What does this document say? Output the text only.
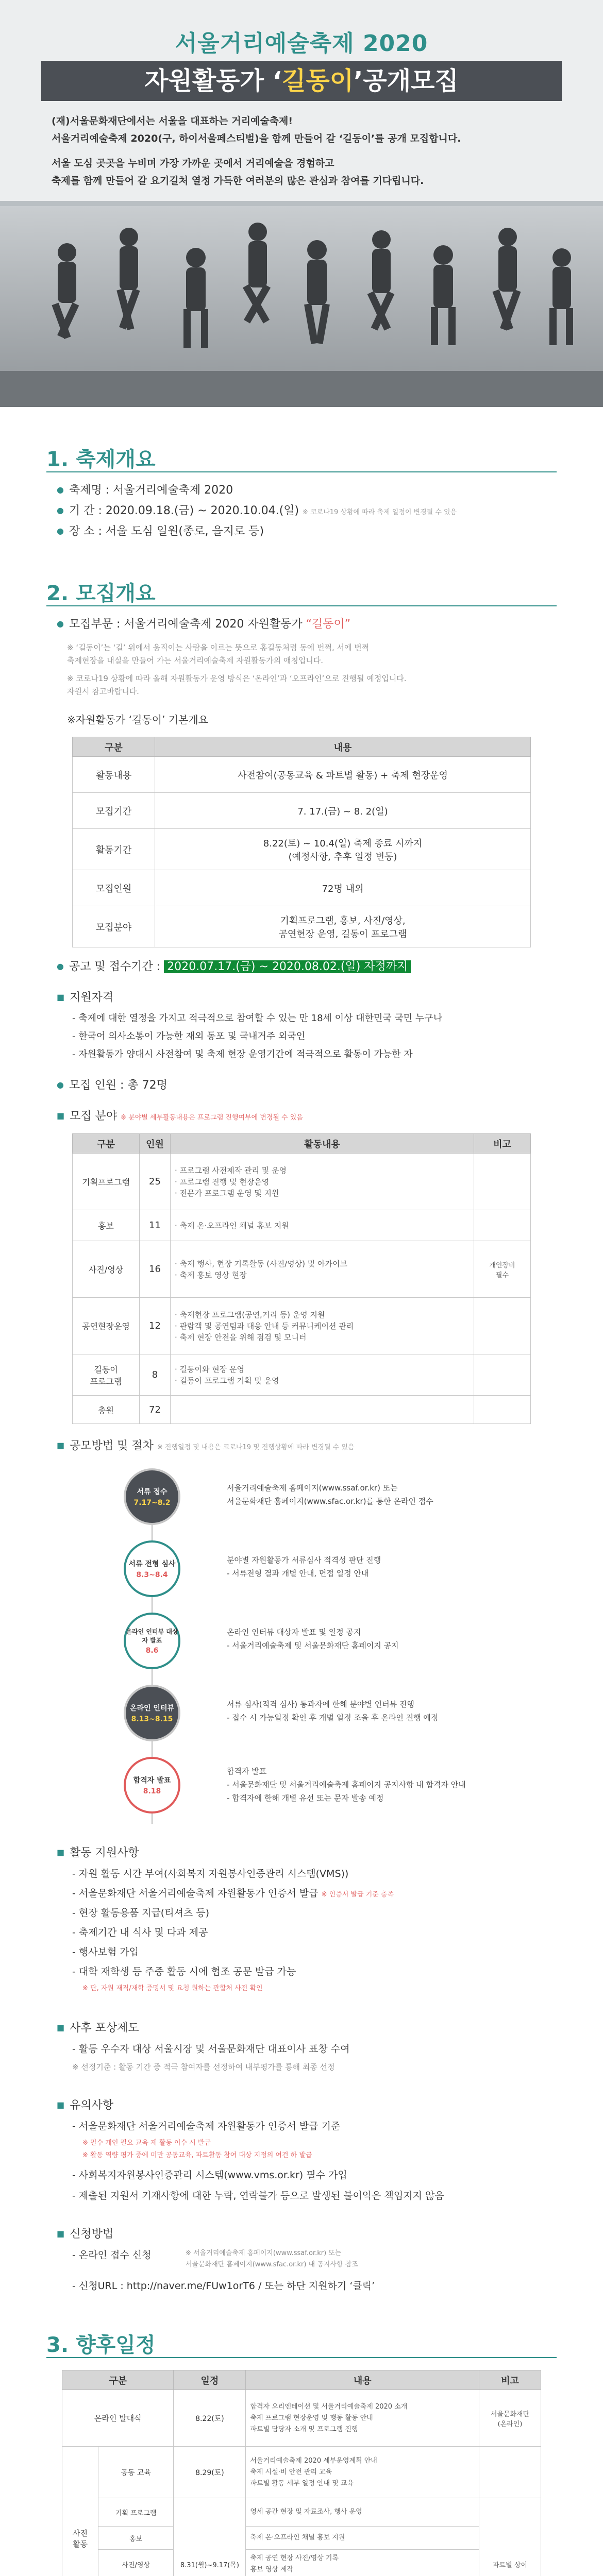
서울거리예술축제 2020
자원활동가 ‘길동이’공개모집
(재)서울문화재단에서는 서울을 대표하는 거리예술축제!
서울거리예술축제 2020(구, 하이서울페스티벌)을 함께 만들어 갈 ‘길동이’를 공개 모집합니다.
서울 도심 곳곳을 누비며 가장 가까운 곳에서 거리예술을 경험하고
축제를 함께 만들어 갈 요기길처 열정 가득한 여러분의 많은 관심과 참여를 기다립니다.
1. 축제개요
● 축제명 : 서울거리예술축제 2020
● 기 간 : 2020.09.18.(금) ~ 2020.10.04.(일) ※ 코로나19 상황에 따라 축제 일정이 변경될 수 있음
● 장 소 : 서울 도심 일원(종로, 을지로 등)
2. 모집개요
● 모집부문 : 서울거리예술축제 2020 자원활동가 “길동이”
※ ‘길동이’는 ‘길’ 위에서 움직이는 사람을 이르는 뜻으로 홍길동처럼 동에 번쩍, 서에 번쩍
축제현장을 내실을 만들어 가는 서울거리예술축제 자원활동가의 애칭입니다.
※ 코로나19 상황에 따라 올해 자원활동가 운영 방식은 ‘온라인’과 ‘오프라인’으로 진행될 예정입니다.
자원시 참고바랍니다.
※자원활동가 ‘길동이’ 기본개요
구분	내용
활동내용	사전참여(공동교육 & 파트별 활동) + 축제 현장운영
모집기간	7. 17.(금) ~ 8. 2(일)
활동기간	8.22(토) ~ 10.4(일) 축제 종료 시까지
(예정사항, 추후 일정 변동)
모집인원	72명 내외
모집분야	기획프로그램, 홍보, 사진/영상,
공연현장 운영, 길동이 프로그램
● 공고 및 접수기간 : 2020.07.17.(금) ~ 2020.08.02.(일) 자정까지
■ 지원자격
- 축제에 대한 열정을 가지고 적극적으로 참여할 수 있는 만 18세 이상 대한민국 국민 누구나
- 한국어 의사소통이 가능한 재외 동포 및 국내거주 외국인
- 자원활동가 양대시 사전참여 및 축제 현장 운영기간에 적극적으로 활동이 가능한 자
● 모집 인원 : 총 72명
■ 모집 분야 ※ 분야별 세부활동내용은 프로그램 진행여부에 변경될 수 있음
구분	인원	활동내용	비고
기획프로그램	25	· 프로그램 사전제작 관리 및 운영
· 프로그램 진행 및 현장운영
· 전문가 프로그램 운영 및 지원	
홍보	11	· 축제 온·오프라인 채널 홍보 지원	
사진/영상	16	· 축제 행사, 현장 기록활동 (사진/영상) 및 아카이브
· 축제 홍보 영상 현장	개인장비
필수
공연현장운영	12	· 축제현장 프로그램(공연,거리 등) 운영 지원
· 관람객 및 공연팀과 대응 안내 등 커뮤니케이션 관리
· 축제 현장 안전을 위해 점검 및 모니터	
길동이
프로그램	8	· 길동이와 현장 운영
· 길동이 프로그램 기획 및 운영	
총원	72		
■ 공모방법 및 절차 ※ 진행일정 및 내용은 코로나19 및 진행상황에 따라 변경될 수 있음
서류 접수
7.17~8.2
서울거리예술축제 홈페이지(www.ssaf.or.kr) 또는
서울문화재단 홈페이지(www.sfac.or.kr)를 통한 온라인 접수
서류 전형 심사
8.3~8.4
분야별 자원활동가 서류심사 적격성 판단 진행
- 서류전형 결과 개별 안내, 면접 일정 안내
온라인 인터뷰 대상자 발표
8.6
온라인 인터뷰 대상자 발표 및 일정 공지
- 서울거리예술축제 및 서울문화재단 홈페이지 공지
온라인 인터뷰
8.13~8.15
서류 심사(적격 심사) 통과자에 한해 분야별 인터뷰 진행
- 접수 시 가능일정 확인 후 개별 일정 조율 후 온라인 진행 예정
합격자 발표
8.18
합격자 발표
- 서울문화재단 및 서울거리예술축제 홈페이지 공지사항 내 합격자 안내
- 합격자에 한해 개별 유선 또는 문자 발송 예정
■ 활동 지원사항
- 자원 활동 시간 부여(사회복지 자원봉사인증관리 시스템(VMS))
- 서울문화재단 서울거리예술축제 자원활동가 인증서 발급 ※ 인증서 발급 기준 충족
- 현장 활동용품 지급(티셔츠 등)
- 축제기간 내 식사 및 다과 제공
- 행사보험 가입
- 대학 재학생 등 주중 활동 시에 협조 공문 발급 가능
※ 단, 자원 재직/재학 증명서 및 요청 원하는 관할처 사전 확인
■ 사후 포상제도
- 활동 우수자 대상 서울시장 및 서울문화재단 대표이사 표창 수여
※ 선정기준 : 활동 기간 중 적극 참여자를 선정하여 내부평가를 통해 최종 선정
■ 유의사항
- 서울문화재단 서울거리예술축제 자원활동가 인증서 발급 기준
※ 필수 개인 필요 교육 제 활동 이수 시 발급
※ 활동 역량 평가 중에 미만 공동교육, 파트활동 참여 대상 지정의 여건 하 발급
- 사회복지자원봉사인증관리 시스템(www.vms.or.kr) 필수 가입
- 제출된 지원서 기재사항에 대한 누락, 연락불가 등으로 발생된 불이익은 책임지지 않음
■ 신청방법
- 온라인 접수 신청	※ 서울거리예술축제 홈페이지(www.ssaf.or.kr) 또는
서울문화재단 홈페이지(www.sfac.or.kr) 내 공지사항 참조
- 신청URL : http://naver.me/FUw1orT6 / 또는 하단 지원하기 ‘클릭’
3. 향후일정
구분		일정	내용	비고
온라인 발대식		8.22(토)	합격자 오리엔테이션 및 서울거리예술축제 2020 소개
축제 프로그램 현장운영 및 행동 활동 안내
파트별 담당자 소개 및 프로그램 진행	서울문화재단
(온라인)
사전
활동	공동 교육	8.29(토)	서울거리예술축제 2020 세부운영계획 안내
축제 시설·비 안전 관리 교육
파트별 활동 세부 일정 안내 및 교육	
	기획 프로그램	8.31(월)~9.17(목)	영세 공간 현장 및 자료조사, 행사 운영	파트별 상이
	홍보		축제 온·오프라인 채널 홍보 지원	
	사진/영상		축제 공연 현장 사진/영상 기록
홍보 영상 제작	
